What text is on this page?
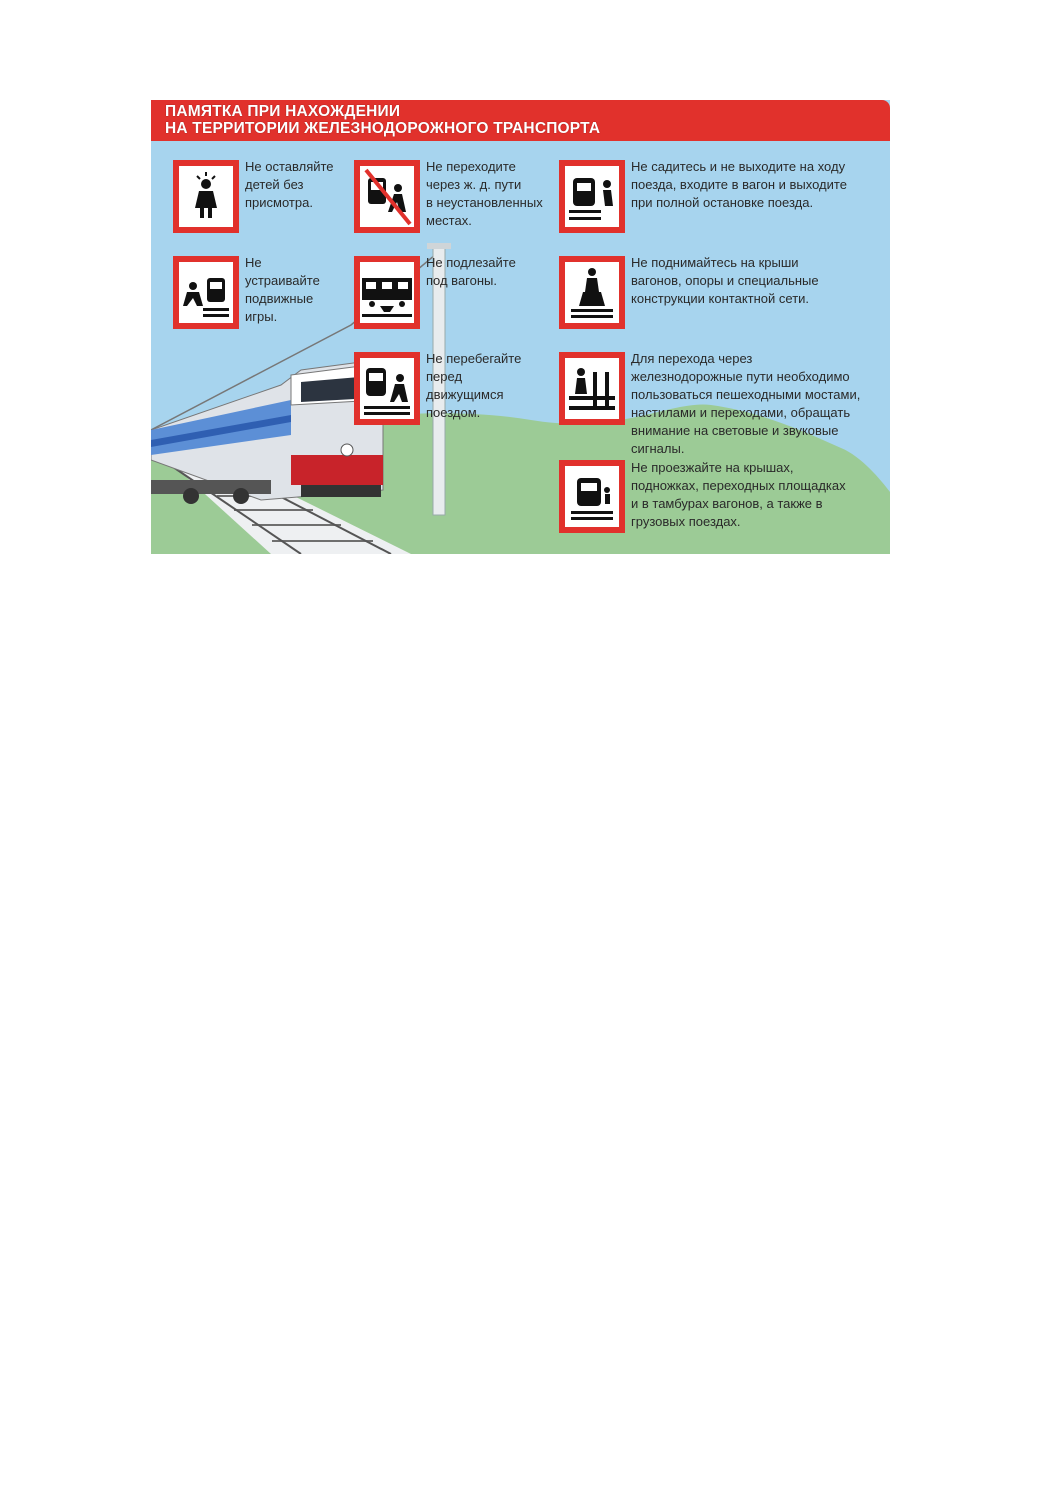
ПАМЯТКА ПРИ НАХОЖДЕНИИ
НА ТЕРРИТОРИИ ЖЕЛЕЗНОДОРОЖНОГО ТРАНСПОРТА
Не оставляйте
детей без
присмотра.
Не переходите
через ж. д. пути
в неустановленных
местах.
Не садитесь и не выходите на ходу
поезда, входите в вагон и выходите
при полной остановке поезда.
Не
устраивайте
подвижные
игры.
Не подлезайте
под вагоны.
Не поднимайтесь на крыши
вагонов, опоры и специальные
конструкции контактной сети.
Не перебегайте
перед
движущимся
поездом.
Для перехода через
железнодорожные пути необходимо
пользоваться пешеходными мостами,
настилами и переходами, обращать
внимание на световые и звуковые
сигналы.
Не проезжайте на крышах,
подножках, переходных площадках
и в тамбурах вагонов, а также в
грузовых поездах.
